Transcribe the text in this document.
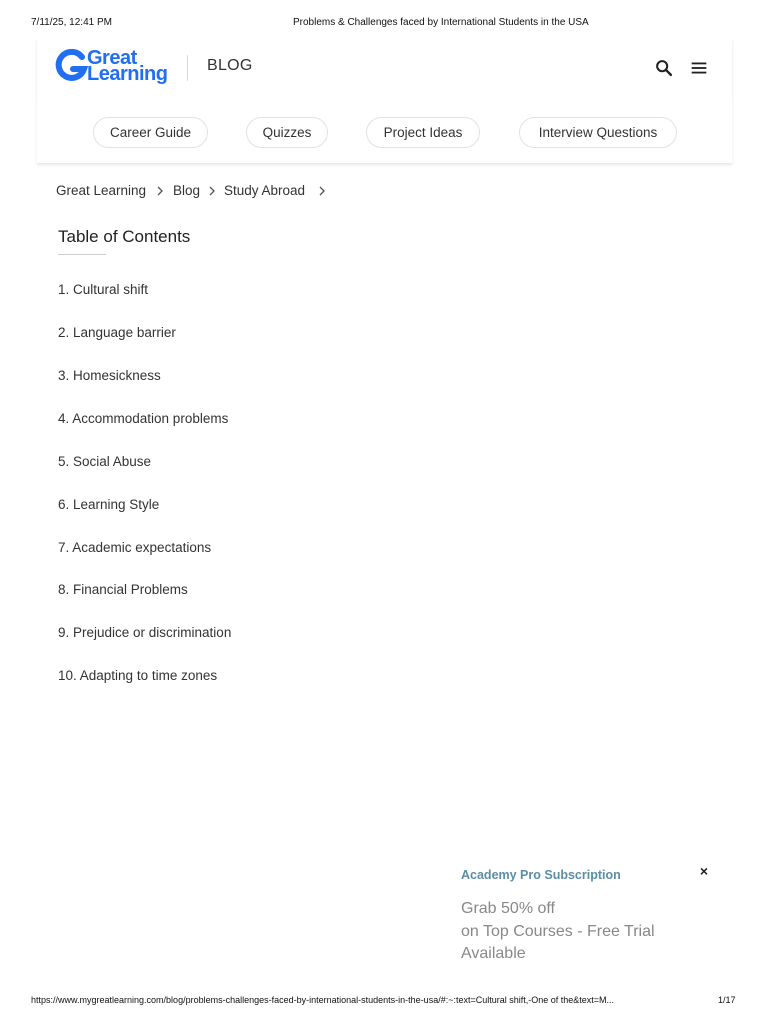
7/11/25, 12:41 PM	Problems & Challenges faced by International Students in the USA
Great
Learning BLOG
Career Guide	Quizzes	Project Ideas	Interview Questions
Great Learning Blog Study Abroad
Table of Contents
1. Cultural shift
2. Language barrier
3. Homesickness
4. Accommodation problems
5. Social Abuse
6. Learning Style
7. Academic expectations
8. Financial Problems
9. Prejudice or discrimination
10. Adapting to time zones
Academy Pro Subscription
Grab 50% off
on Top Courses - Free Trial Available
×
https://www.mygreatlearning.com/blog/problems-challenges-faced-by-international-students-in-the-usa/#:~:text=Cultural shift,-One of the&text=M...	1/17
